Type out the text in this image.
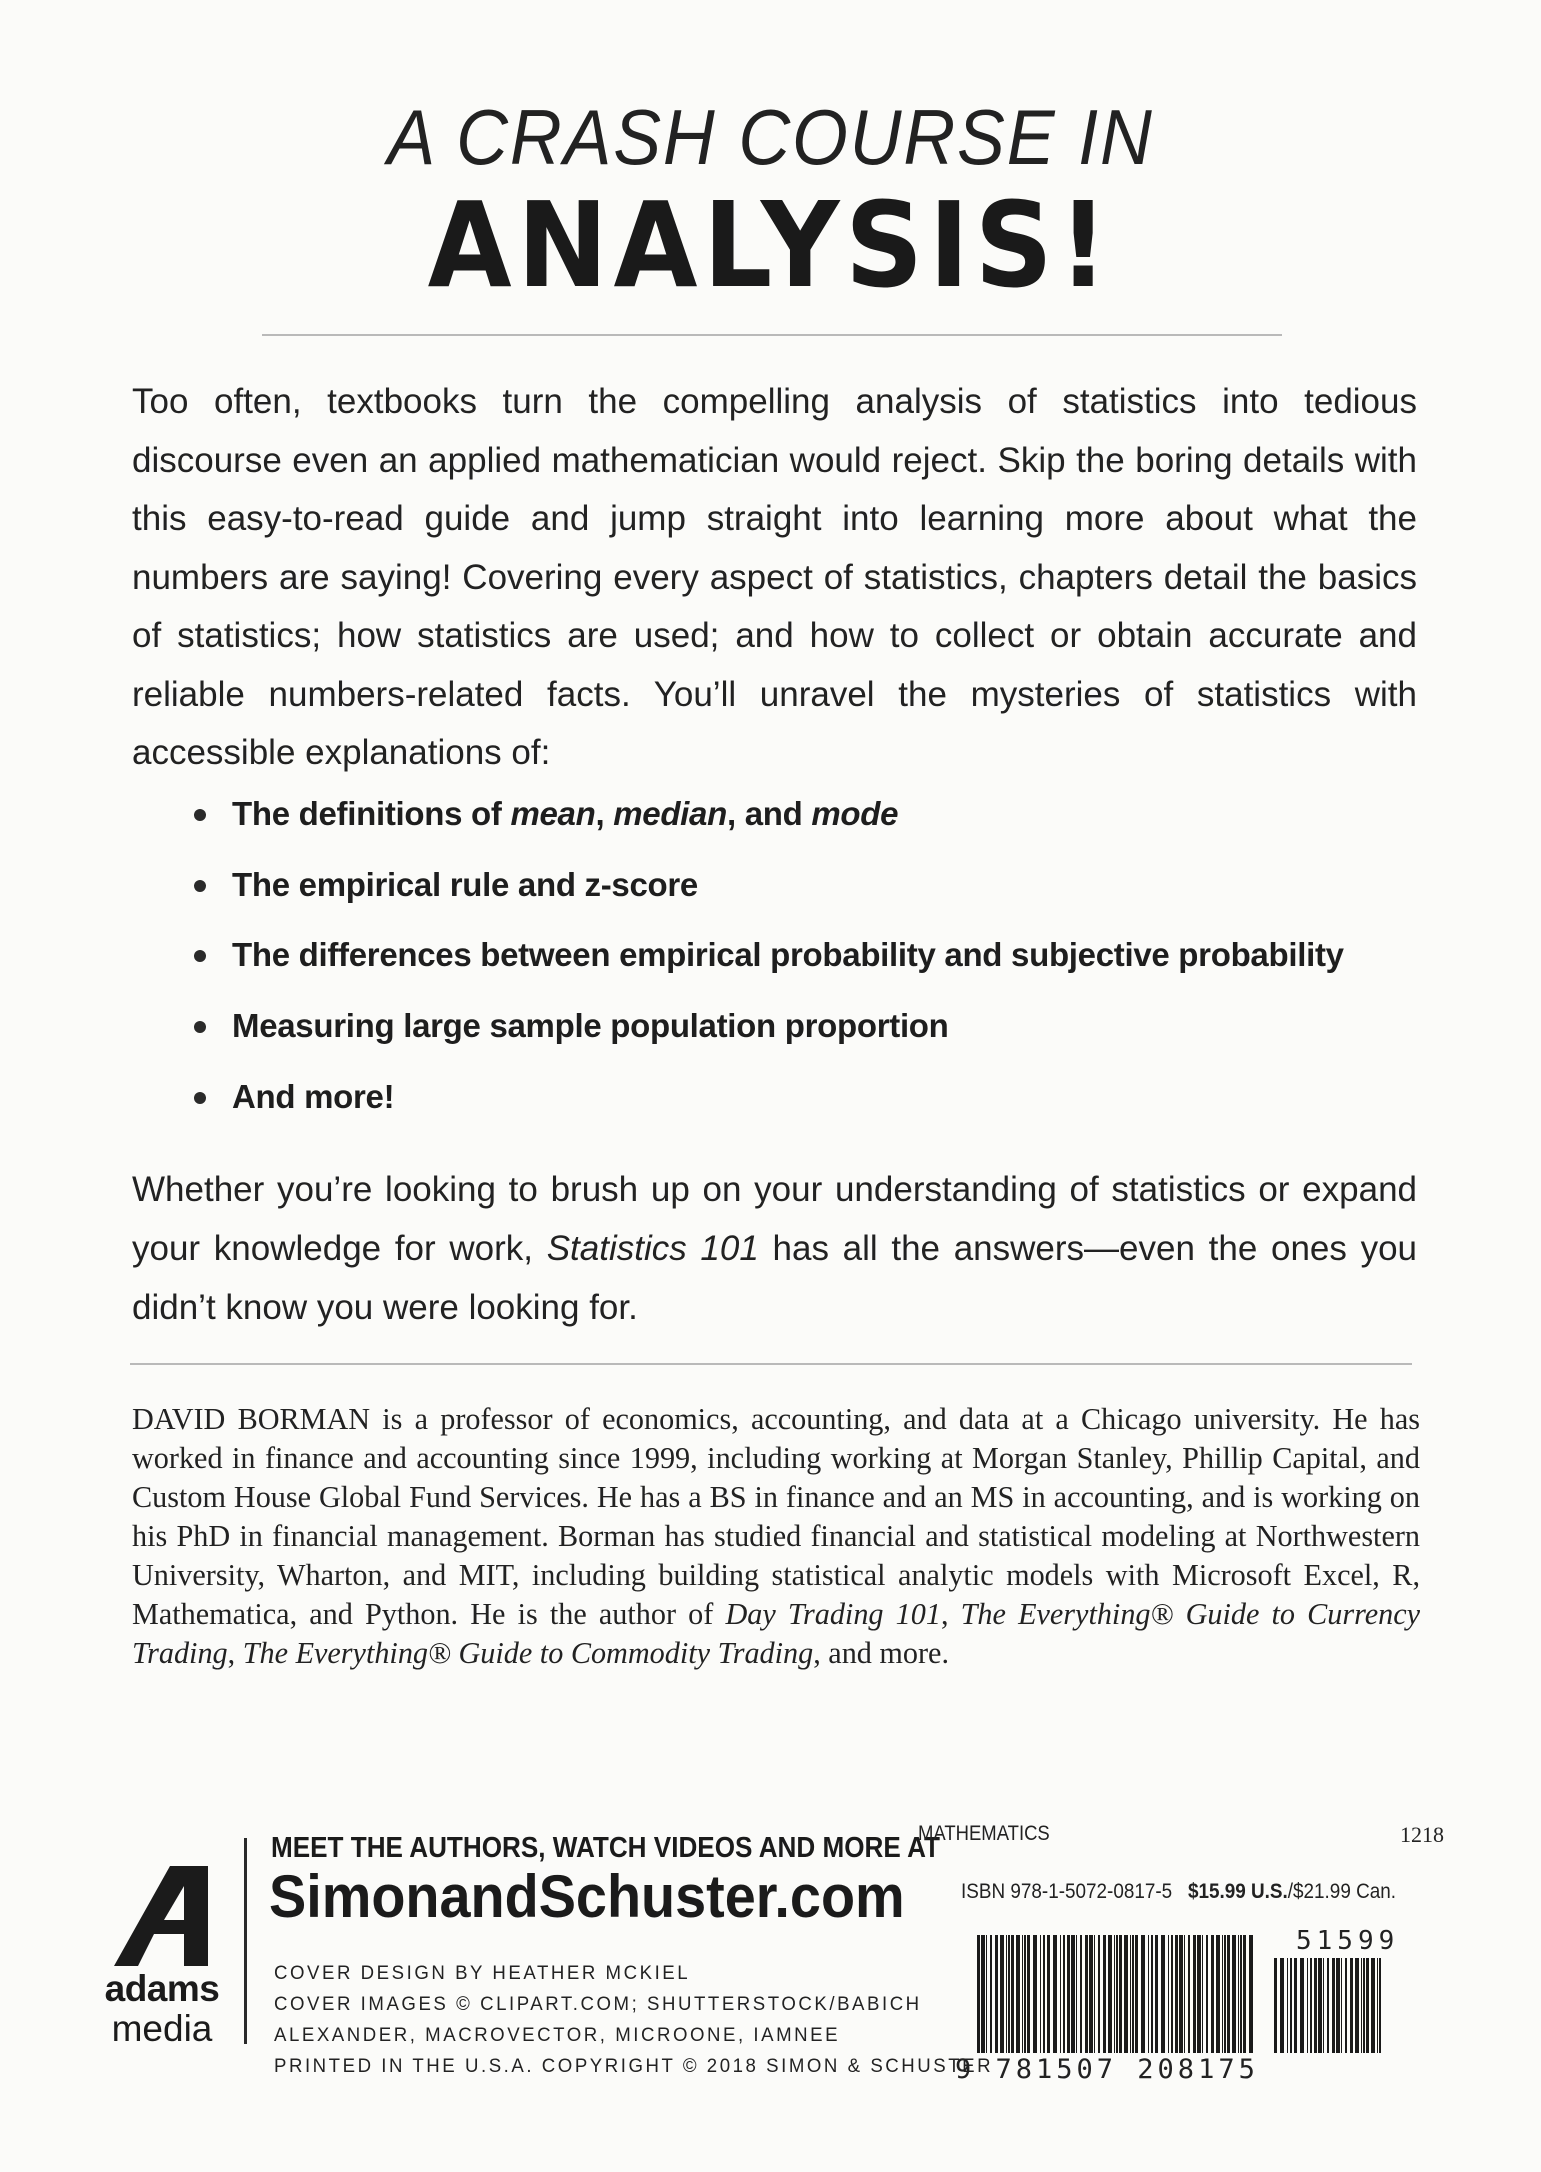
A CRASH COURSE IN
ANALYSIS!

Too often, textbooks turn the compelling analysis of statistics into tedious discourse even an applied mathematician would reject. Skip the boring details with this easy-to-read guide and jump straight into learning more about what the numbers are saying! Covering every aspect of statistics, chapters detail the basics of statistics; how statistics are used; and how to collect or obtain accurate and reliable numbers-related facts. You’ll unravel the mysteries of statistics with accessible explanations of:

The definitions of mean, median, and mode
The empirical rule and z-score
The differences between empirical probability and subjective probability
Measuring large sample population proportion
And more!

Whether you’re looking to brush up on your understanding of statistics or expand your knowledge for work, Statistics 101 has all the answers—even the ones you didn’t know you were looking for.

DAVID BORMAN is a professor of economics, accounting, and data at a Chicago university. He has worked in finance and accounting since 1999, including working at Morgan Stanley, Phillip Capital, and Custom House Global Fund Services. He has a BS in finance and an MS in accounting, and is working on his PhD in financial management. Borman has studied financial and statistical modeling at Northwestern University, Wharton, and MIT, including building statistical analytic models with Microsoft Excel, R, Mathematica, and Python. He is the author of Day Trading 101, The Everything® Guide to Currency Trading, The Everything® Guide to Commodity Trading, and more.

adams
media
MEET THE AUTHORS, WATCH VIDEOS AND MORE AT
SimonandSchuster.com
COVER DESIGN BY HEATHER MCKIEL
COVER IMAGES © CLIPART.COM; SHUTTERSTOCK/BABICH
ALEXANDER, MACROVECTOR, MICROONE, IAMNEE
PRINTED IN THE U.S.A. COPYRIGHT © 2018 SIMON & SCHUSTER
MATHEMATICS	1218
ISBN 978-1-5072-0817-5 $15.99 U.S./$21.99 Can.
51599
9 781507 208175
